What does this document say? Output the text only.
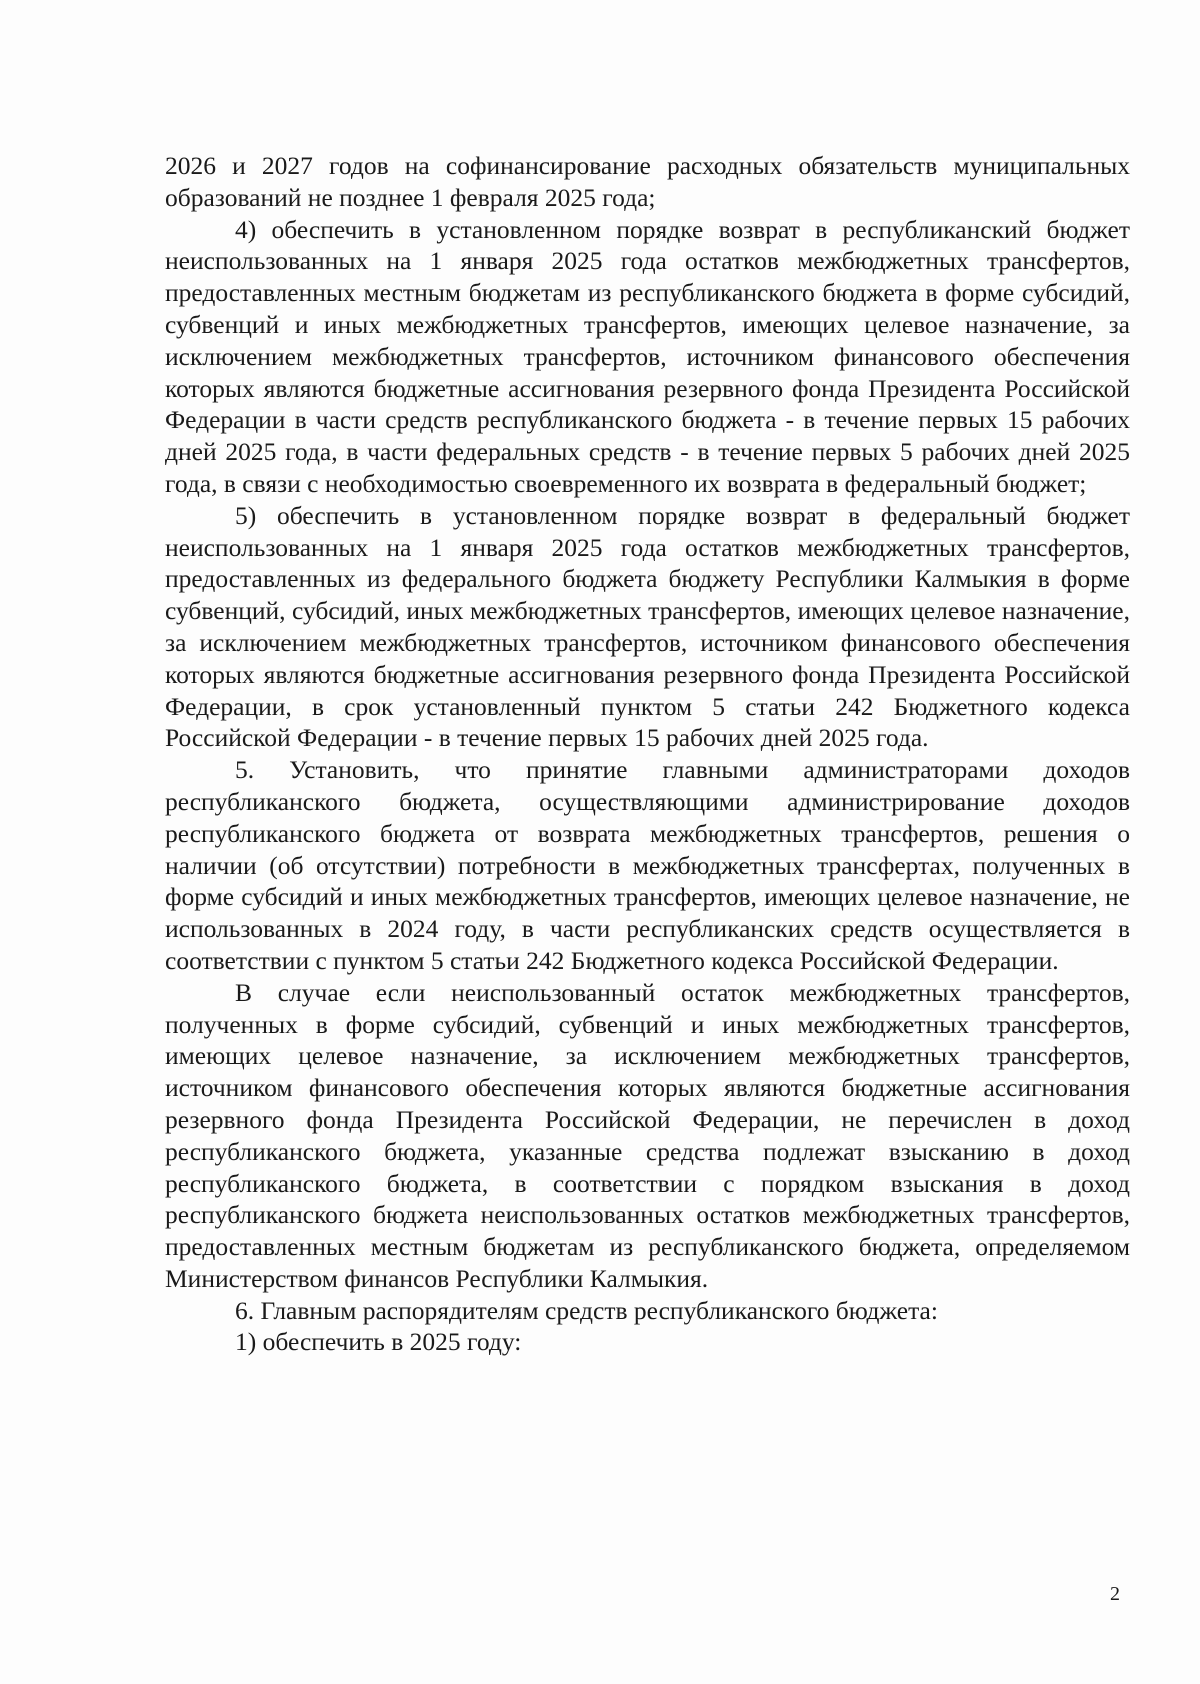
2026 и 2027 годов на софинансирование расходных обязательств муниципальных образований не позднее 1 февраля 2025 года;

4) обеспечить в установленном порядке возврат в республиканский бюджет неиспользованных на 1 января 2025 года остатков межбюджетных трансфертов, предоставленных местным бюджетам из республиканского бюджета в форме субсидий, субвенций и иных межбюджетных трансфертов, имеющих целевое назначение, за исключением межбюджетных трансфертов, источником финансового обеспечения которых являются бюджетные ассигнования резервного фонда Президента Российской Федерации в части средств республиканского бюджета - в течение первых 15 рабочих дней 2025 года, в части федеральных средств - в течение первых 5 рабочих дней 2025 года, в связи с необходимостью своевременного их возврата в федеральный бюджет;

5) обеспечить в установленном порядке возврат в федеральный бюджет неиспользованных на 1 января 2025 года остатков межбюджетных трансфертов, предоставленных из федерального бюджета бюджету Республики Калмыкия в форме субвенций, субсидий, иных межбюджетных трансфертов, имеющих целевое назначение, за исключением межбюджетных трансфертов, источником финансового обеспечения которых являются бюджетные ассигнования резервного фонда Президента Российской Федерации, в срок установленный пунктом 5 статьи 242 Бюджетного кодекса Российской Федерации - в течение первых 15 рабочих дней 2025 года.

5. Установить, что принятие главными администраторами доходов республиканского бюджета, осуществляющими администрирование доходов республиканского бюджета от возврата межбюджетных трансфертов, решения о наличии (об отсутствии) потребности в межбюджетных трансфертах, полученных в форме субсидий и иных межбюджетных трансфертов, имеющих целевое назначение, не использованных в 2024 году, в части республиканских средств осуществляется в соответствии с пунктом 5 статьи 242 Бюджетного кодекса Российской Федерации.

В случае если неиспользованный остаток межбюджетных трансфертов, полученных в форме субсидий, субвенций и иных межбюджетных трансфертов, имеющих целевое назначение, за исключением межбюджетных трансфертов, источником финансового обеспечения которых являются бюджетные ассигнования резервного фонда Президента Российской Федерации, не перечислен в доход республиканского бюджета, указанные средства подлежат взысканию в доход республиканского бюджета, в соответствии с порядком взыскания в доход республиканского бюджета неиспользованных остатков межбюджетных трансфертов, предоставленных местным бюджетам из республиканского бюджета, определяемом Министерством финансов Республики Калмыкия.

6. Главным распорядителям средств республиканского бюджета:

1) обеспечить в 2025 году:

2
